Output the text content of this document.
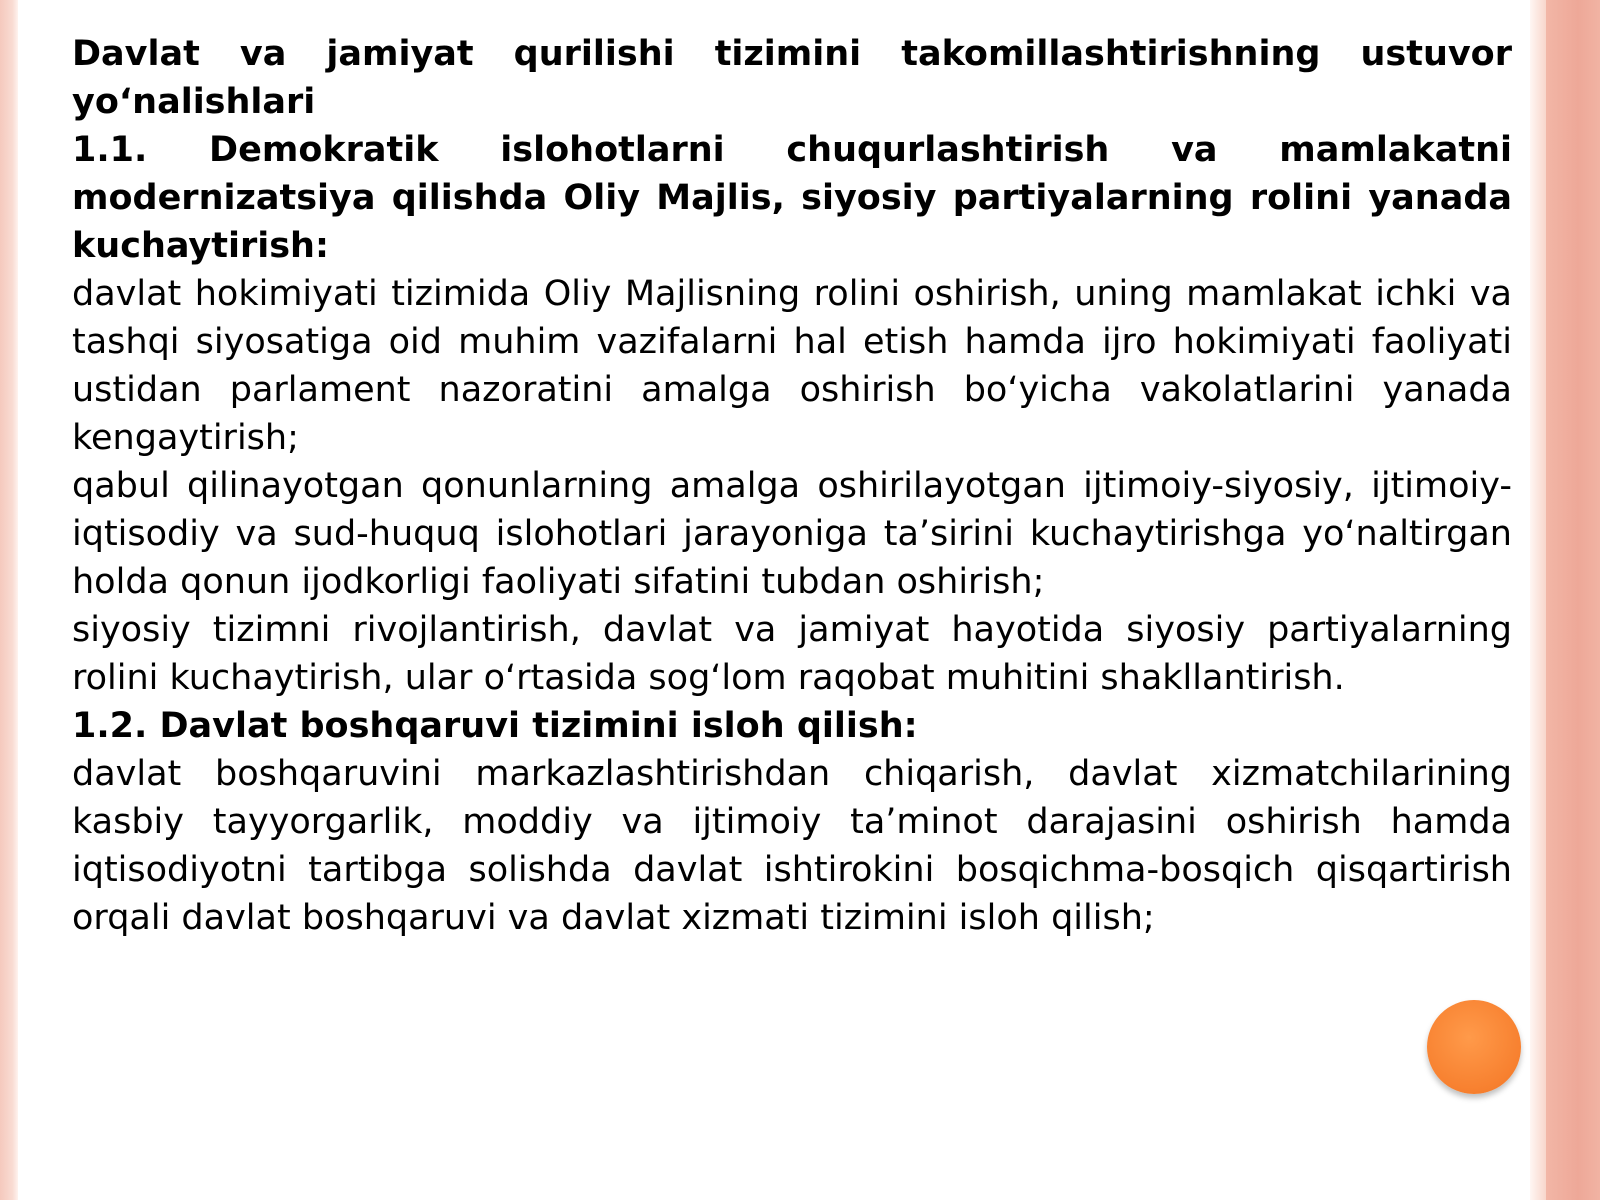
Davlat va jamiyat qurilishi tizimini takomillashtirishning ustuvor yo‘nalishlari

1.1. Demokratik islohotlarni chuqurlashtirish va mamlakatni modernizatsiya qilishda Oliy Majlis, siyosiy partiyalarning rolini yanada kuchaytirish:

davlat hokimiyati tizimida Oliy Majlisning rolini oshirish, uning mamlakat ichki va tashqi siyosatiga oid muhim vazifalarni hal etish hamda ijro hokimiyati faoliyati ustidan parlament nazoratini amalga oshirish bo‘yicha vakolatlarini yanada kengaytirish;

qabul qilinayotgan qonunlarning amalga oshirilayotgan ijtimoiy-siyosiy, ijtimoiy-iqtisodiy va sud-huquq islohotlari jarayoniga ta’sirini kuchaytirishga yo‘naltirgan holda qonun ijodkorligi faoliyati sifatini tubdan oshirish;

siyosiy tizimni rivojlantirish, davlat va jamiyat hayotida siyosiy partiyalarning rolini kuchaytirish, ular o‘rtasida sog‘lom raqobat muhitini shakllantirish.

1.2. Davlat boshqaruvi tizimini isloh qilish:

davlat boshqaruvini markazlashtirishdan chiqarish, davlat xizmatchilarining kasbiy tayyorgarlik, moddiy va ijtimoiy ta’minot darajasini oshirish hamda iqtisodiyotni tartibga solishda davlat ishtirokini bosqichma-bosqich qisqartirish orqali davlat boshqaruvi va davlat xizmati tizimini isloh qilish;
